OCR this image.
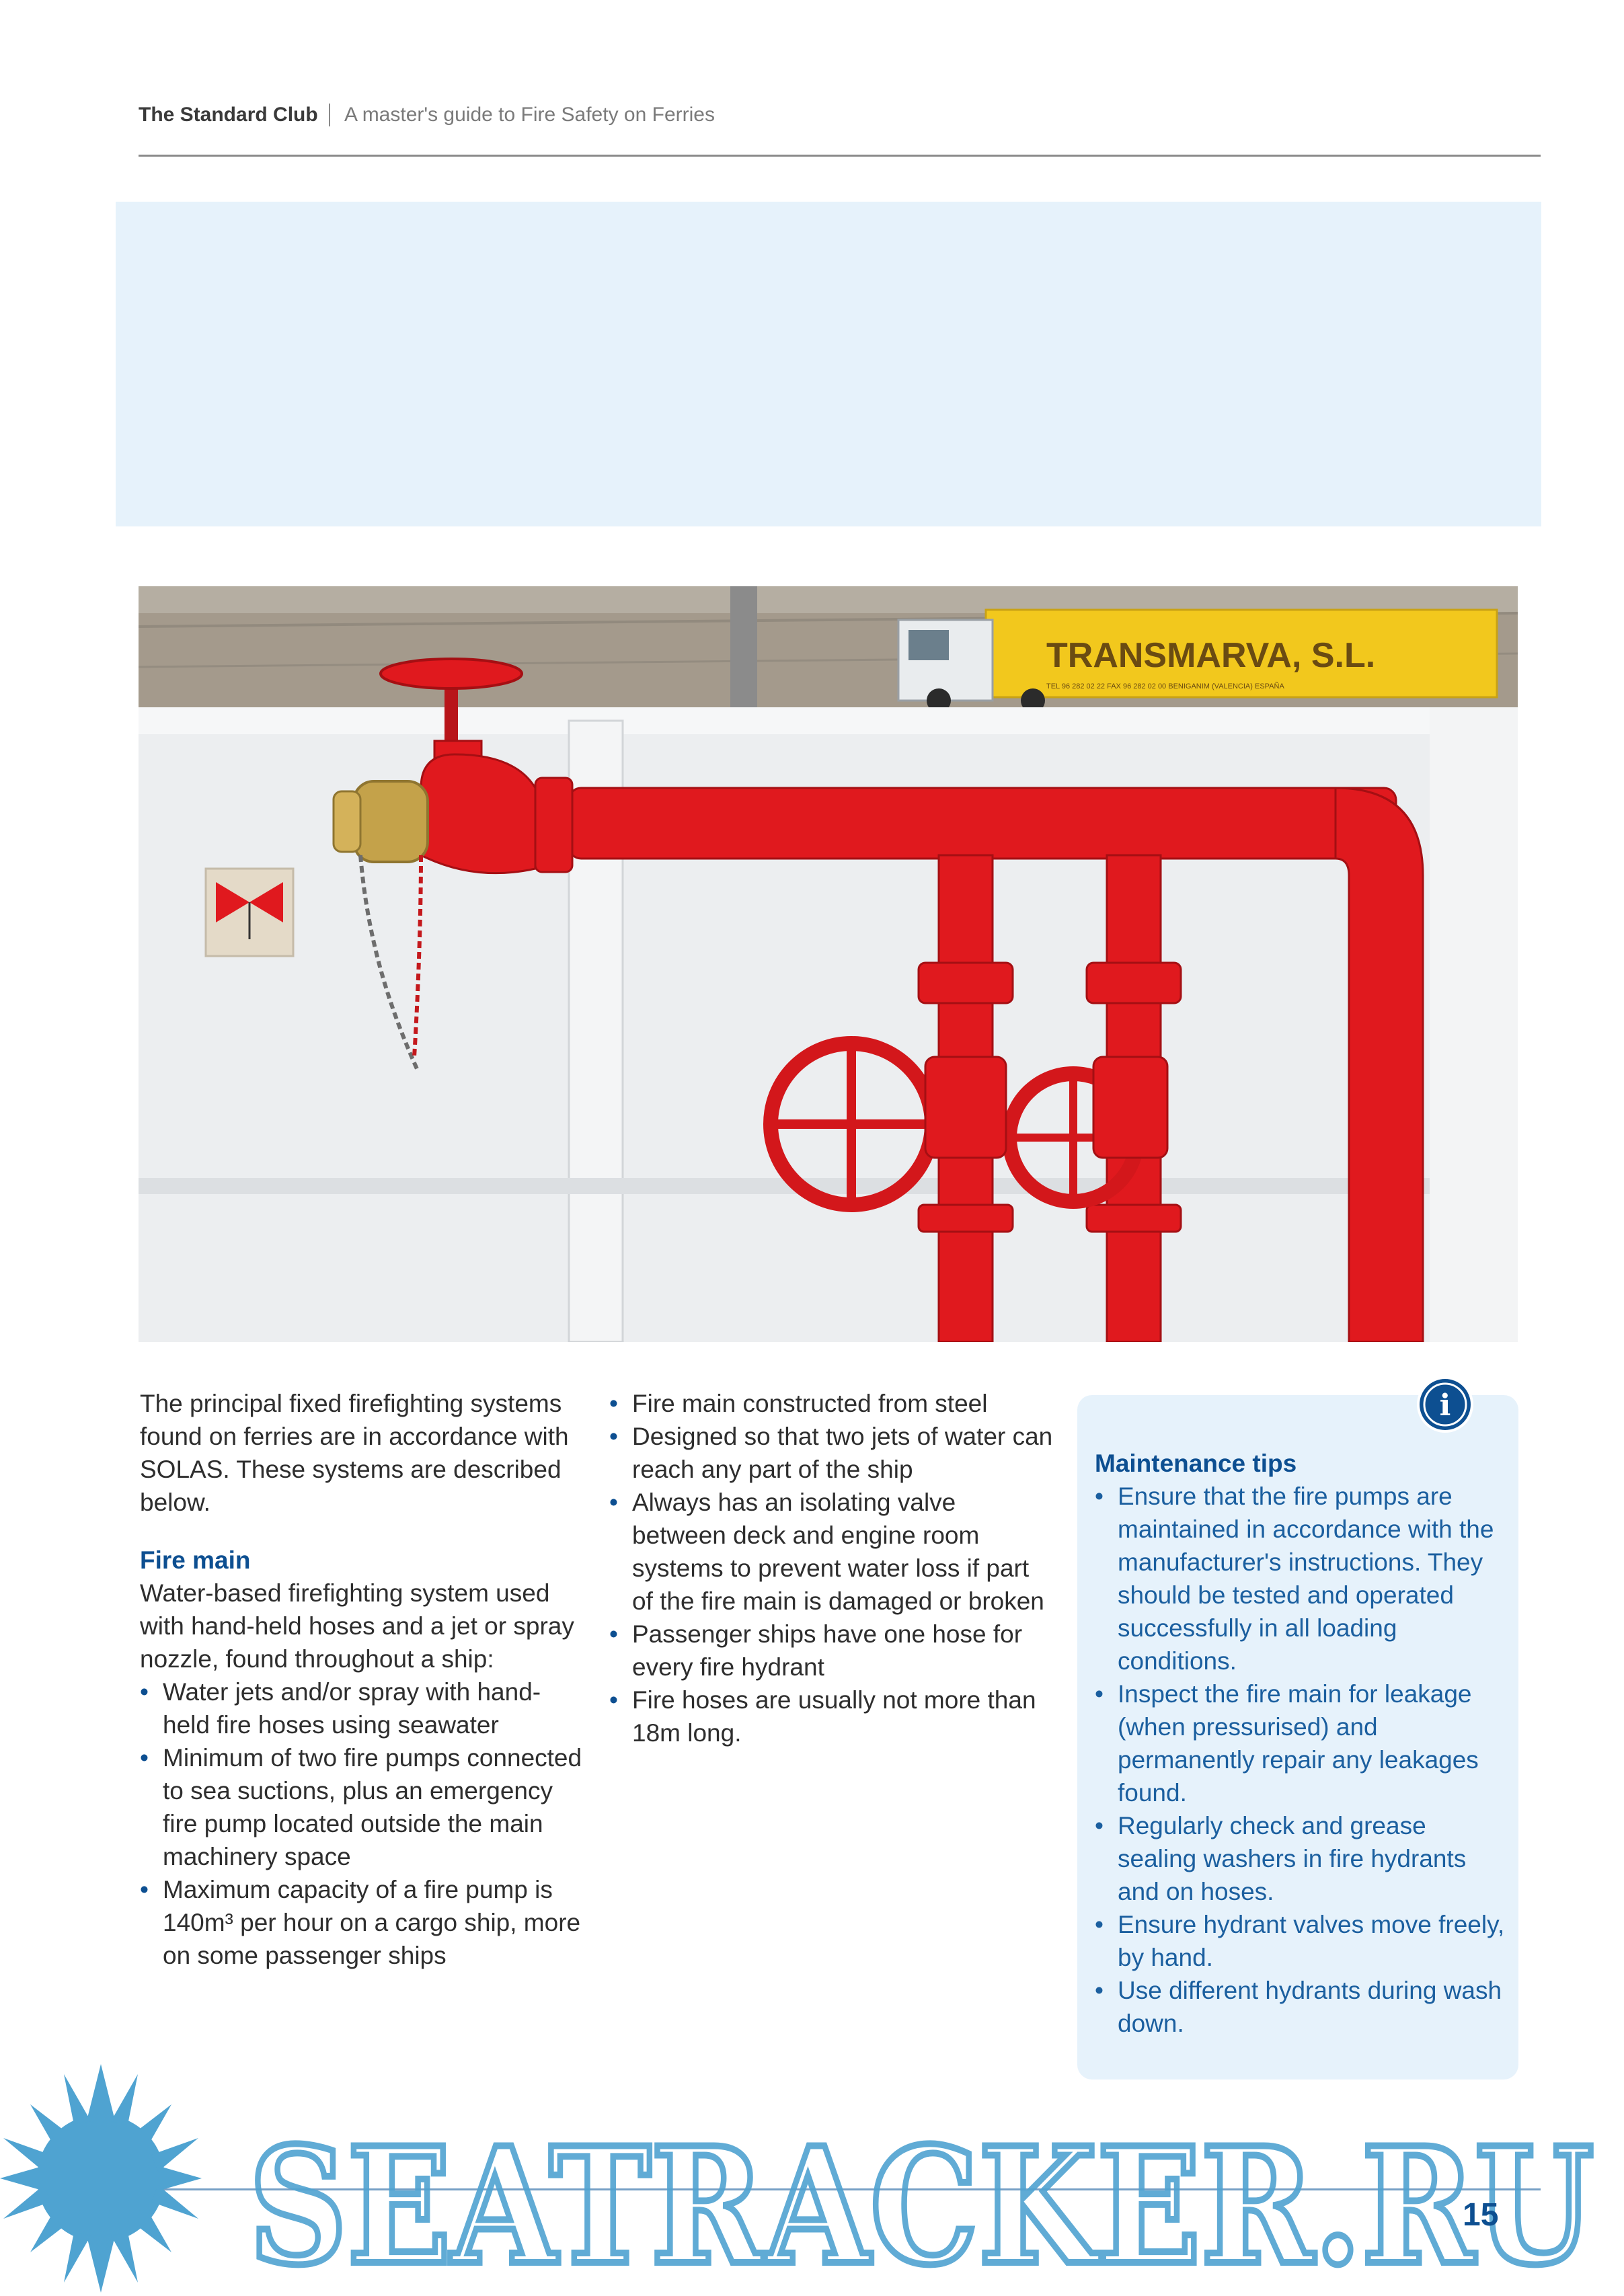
The Standard Club A master's guide to Fire Safety on Ferries
TRANSMARVA, S.L.
TEL 96 282 02 22 FAX 96 282 02 00 BENIGANIM (VALENCIA) ESPAÑA

The principal fixed firefighting systems found on ferries are in accordance with SOLAS. These systems are described below.

Fire main

Water-based firefighting system used with hand-held hoses and a jet or spray nozzle, found throughout a ship:

• Water jets and/or spray with hand-held fire hoses using seawater
• Minimum of two fire pumps connected to sea suctions, plus an emergency fire pump located outside the main machinery space
• Maximum capacity of a fire pump is 140m³ per hour on a cargo ship, more on some passenger ships
• Fire main constructed from steel
• Designed so that two jets of water can reach any part of the ship
• Always has an isolating valve between deck and engine room systems to prevent water loss if part of the fire main is damaged or broken
• Passenger ships have one hose for every fire hydrant
• Fire hoses are usually not more than 18m long.
i

Maintenance tips

• Ensure that the fire pumps are maintained in accordance with the manufacturer's instructions. They should be tested and operated successfully in all loading conditions.
• Inspect the fire main for leakage (when pressurised) and permanently repair any leakages found.
• Regularly check and grease sealing washers in fire hydrants and on hoses.
• Ensure hydrant valves move freely, by hand.
• Use different hydrants during wash down.
SEATRACKER.RU
15
